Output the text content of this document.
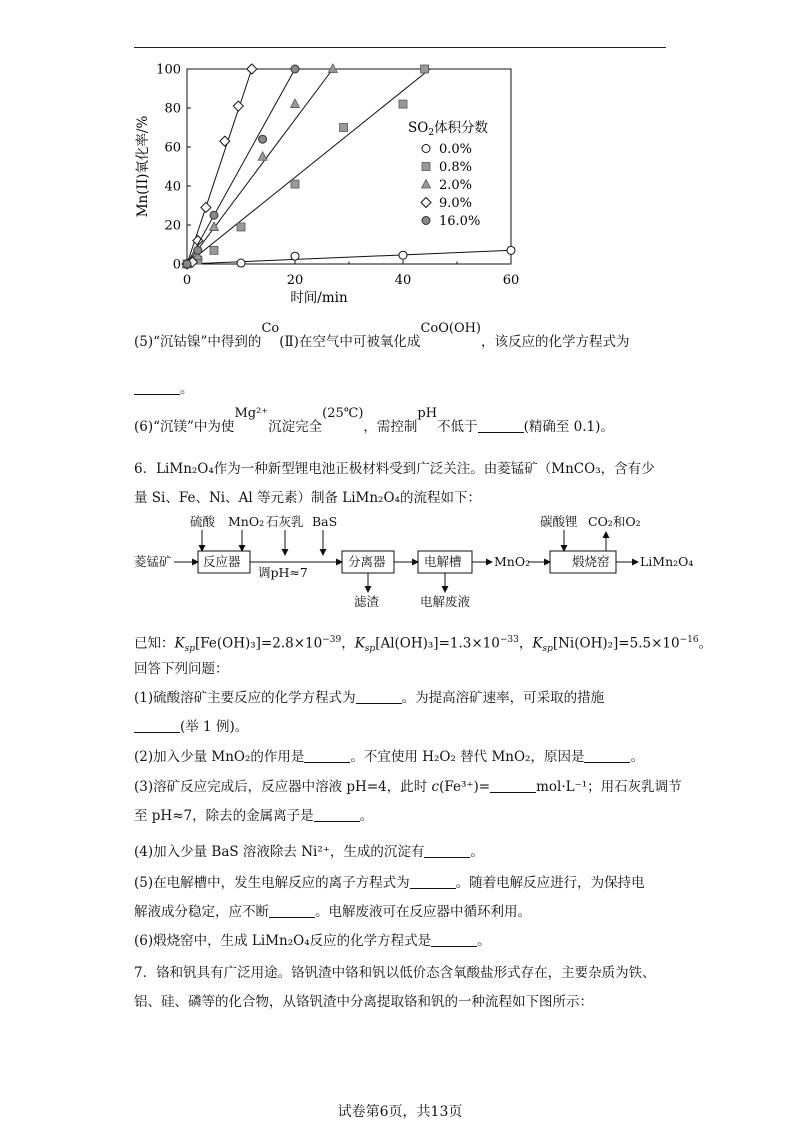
0	20	40	60
0
20
40
60
80
100
时间/min
Mn(II)氧化率/%	$SO_2$体积分数
0.0%
0.8%
2.0%
9.0%
16.0%
(5)“沉钴镍”中得到的Co(Ⅱ)在空气中可被氧化成CoO(OH)，该反应的化学方程式为
。
(6)“沉镁”中为使Mg²⁺沉淀完全(25℃)，需控制pH不低于	(精确至 0.1)。
6．LiMn₂O₄作为一种新型锂电池正极材料受到广泛关注。由菱锰矿（MnCO₃，含有少
量 Si、Fe、Ni、Al 等元素）制备 LiMn₂O₄的流程如下：
菱锰矿
硫酸 MnO₂ 石灰乳 BaS
反应器
调pH≈7
分离器	电解槽	MnO₂
碳酸锂 CO₂和O₂
煅烧窑 LiMn₂O₄
滤渣	电解废液
已知：$K_{sp}[Fe(OH)_3]=2.8\times 10^{-39}$，$K_{sp}[Al(OH)_3]=1.3\times 10^{-33}$，$K_{sp}[Ni(OH)_2]=5.5\times 10^{-16}$。
回答下列问题：
(1)硫酸溶矿主要反应的化学方程式为	。为提高溶矿速率，可采取的措施
(举 1 例)。
(2)加入少量 MnO₂的作用是	。不宜使用 H₂O₂ 替代 MnO₂，原因是	。
(3)溶矿反应完成后，反应器中溶液 pH=4，此时 c(Fe³⁺)=	mol·L⁻¹；用石灰乳调节
至 pH≈7，除去的金属离子是	。
(4)加入少量 BaS 溶液除去 Ni²⁺，生成的沉淀有	。
(5)在电解槽中，发生电解反应的离子方程式为	。随着电解反应进行，为保持电
解液成分稳定，应不断	。电解废液可在反应器中循环利用。
(6)煅烧窑中，生成 LiMn₂O₄反应的化学方程式是	。
7．铬和钒具有广泛用途。铬钒渣中铬和钒以低价态含氧酸盐形式存在，主要杂质为铁、
铝、硅、磷等的化合物，从铬钒渣中分离提取铬和钒的一种流程如下图所示：
试卷第6页，共13页
